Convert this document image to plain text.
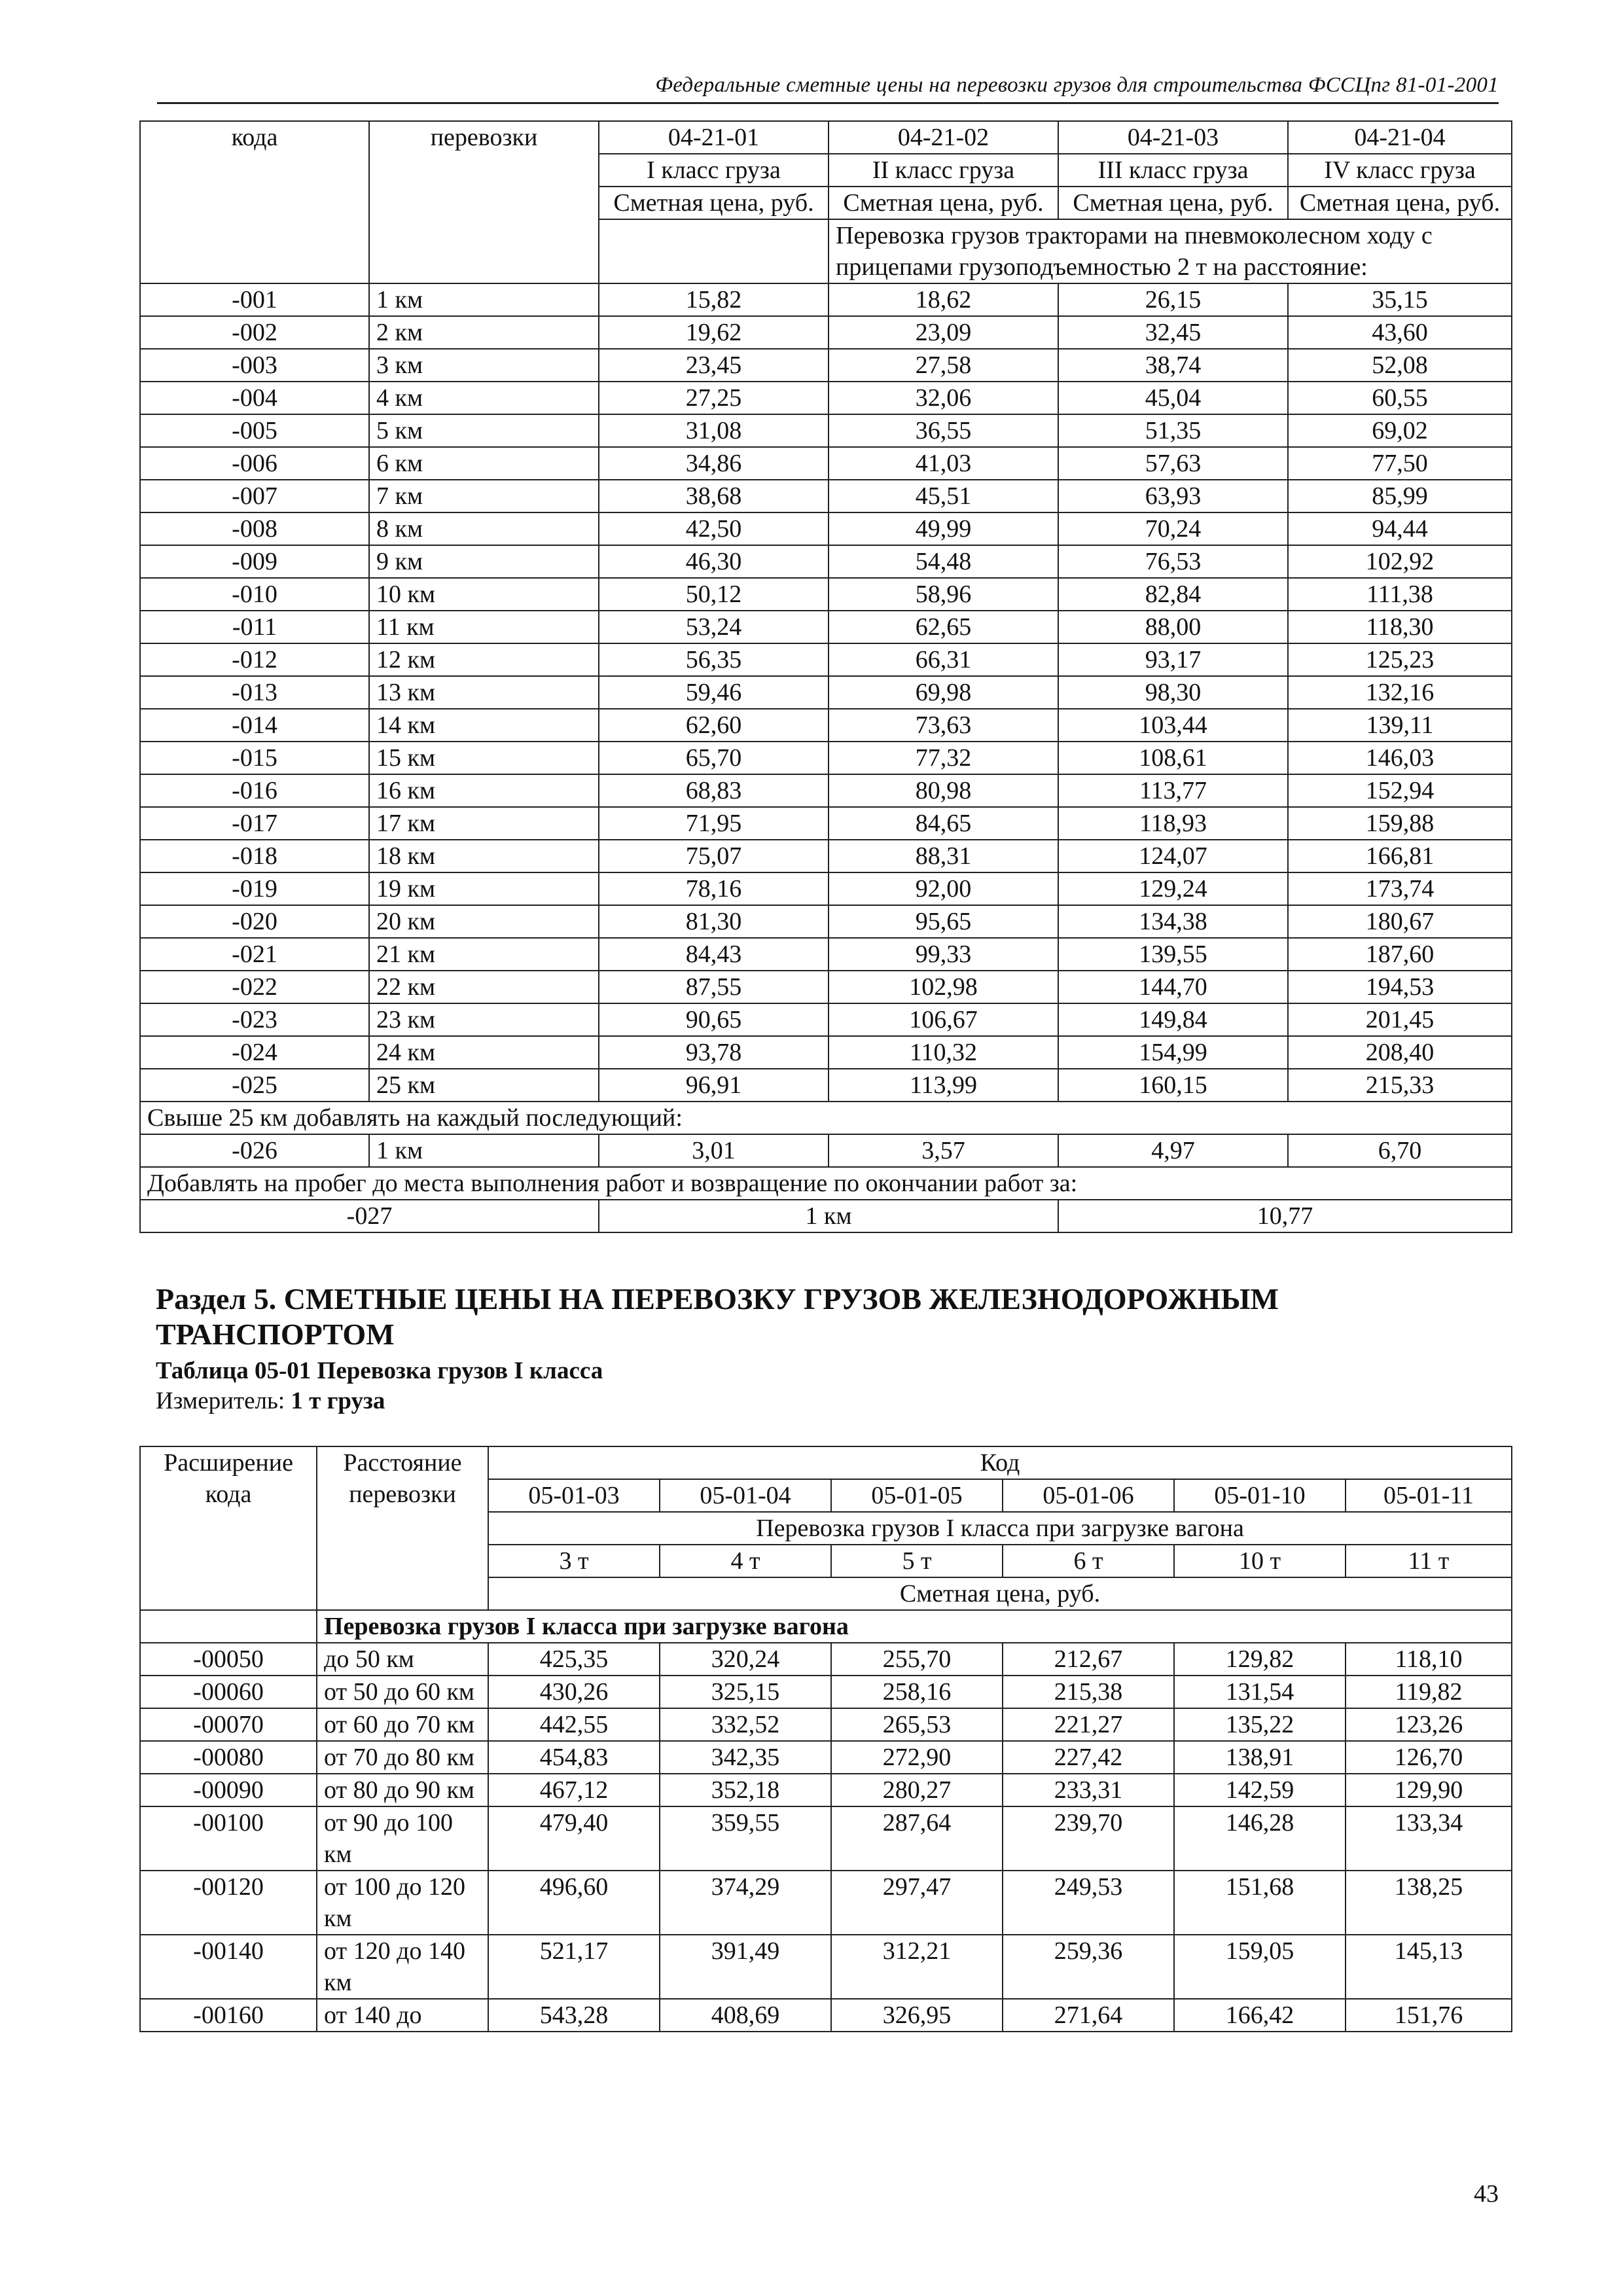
Федеральные сметные цены на перевозки грузов для строительства ФССЦпг 81-01-2001
кода	перевозки	04-21-01	04-21-02	04-21-03	04-21-04
		I класс груза	II класс груза	III класс груза	IV класс груза
		Сметная цена, руб.	Сметная цена, руб.	Сметная цена, руб.	Сметная цена, руб.
			Перевозка грузов тракторами на пневмоколесном ходу с прицепами грузоподъемностью 2 т на расстояние:		
-001	1 км	15,82	18,62	26,15	35,15
-002	2 км	19,62	23,09	32,45	43,60
-003	3 км	23,45	27,58	38,74	52,08
-004	4 км	27,25	32,06	45,04	60,55
-005	5 км	31,08	36,55	51,35	69,02
-006	6 км	34,86	41,03	57,63	77,50
-007	7 км	38,68	45,51	63,93	85,99
-008	8 км	42,50	49,99	70,24	94,44
-009	9 км	46,30	54,48	76,53	102,92
-010	10 км	50,12	58,96	82,84	111,38
-011	11 км	53,24	62,65	88,00	118,30
-012	12 км	56,35	66,31	93,17	125,23
-013	13 км	59,46	69,98	98,30	132,16
-014	14 км	62,60	73,63	103,44	139,11
-015	15 км	65,70	77,32	108,61	146,03
-016	16 км	68,83	80,98	113,77	152,94
-017	17 км	71,95	84,65	118,93	159,88
-018	18 км	75,07	88,31	124,07	166,81
-019	19 км	78,16	92,00	129,24	173,74
-020	20 км	81,30	95,65	134,38	180,67
-021	21 км	84,43	99,33	139,55	187,60
-022	22 км	87,55	102,98	144,70	194,53
-023	23 км	90,65	106,67	149,84	201,45
-024	24 км	93,78	110,32	154,99	208,40
-025	25 км	96,91	113,99	160,15	215,33
Свыше 25 км добавлять на каждый последующий:					
-026	1 км	3,01	3,57	4,97	6,70
Добавлять на пробег до места выполнения работ и возвращение по окончании работ за:					
-027		1 км		10,77	
Раздел 5. СМЕТНЫЕ ЦЕНЫ НА ПЕРЕВОЗКУ ГРУЗОВ ЖЕЛЕЗНОДОРОЖНЫМ ТРАНСПОРТОМ
Таблица 05-01 Перевозка грузов I класса
Измеритель: 1 т груза
Расширение кода	Расстояние перевозки	Код					
		05-01-03	05-01-04	05-01-05	05-01-06	05-01-10	05-01-11
		Перевозка грузов I класса при загрузке вагона					
		3 т	4 т	5 т	6 т	10 т	11 т
		Сметная цена, руб.					
	Перевозка грузов I класса при загрузке вагона						
-00050	до 50 км	425,35	320,24	255,70	212,67	129,82	118,10
-00060	от 50 до 60 км	430,26	325,15	258,16	215,38	131,54	119,82
-00070	от 60 до 70 км	442,55	332,52	265,53	221,27	135,22	123,26
-00080	от 70 до 80 км	454,83	342,35	272,90	227,42	138,91	126,70
-00090	от 80 до 90 км	467,12	352,18	280,27	233,31	142,59	129,90
-00100	от 90 до 100 км	479,40	359,55	287,64	239,70	146,28	133,34
-00120	от 100 до 120 км	496,60	374,29	297,47	249,53	151,68	138,25
-00140	от 120 до 140 км	521,17	391,49	312,21	259,36	159,05	145,13
-00160	от 140 до	543,28	408,69	326,95	271,64	166,42	151,76
43
